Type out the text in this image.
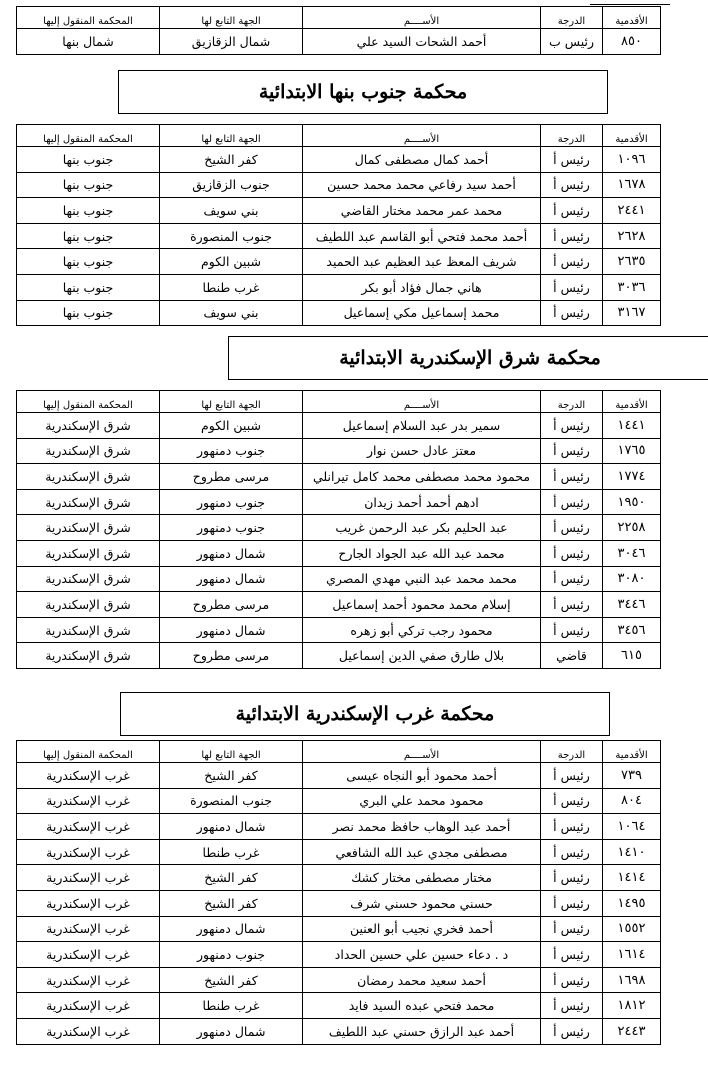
الأقدمية	الدرجة	الأســــم	الجهة التابع لها	المحكمة المنقول إليها
٨٥٠	رئيس ب	أحمد الشحات السيد علي	شمال الزقازيق	شمال بنها
محكمة جنوب بنها الابتدائية
الأقدمية	الدرجة	الأســــم	الجهة التابع لها	المحكمة المنقول إليها
١٠٩٦	رئيس أ	أحمد كمال مصطفى كمال	كفر الشيخ	جنوب بنها
١٦٧٨	رئيس أ	أحمد سيد رفاعي محمد محمد حسين	جنوب الزقازيق	جنوب بنها
٢٤٤١	رئيس أ	محمد عمر محمد مختار القاضي	بني سويف	جنوب بنها
٢٦٢٨	رئيس أ	أحمد محمد فتحي أبو القاسم عبد اللطيف	جنوب المنصورة	جنوب بنها
٢٦٣٥	رئيس أ	شريف المعظ عبد العظيم عبد الحميد	شبين الكوم	جنوب بنها
٣٠٣٦	رئيس أ	هاني جمال فؤاد أبو بكر	غرب طنطا	جنوب بنها
٣١٦٧	رئيس أ	محمد إسماعيل مكي إسماعيل	بني سويف	جنوب بنها
محكمة شرق الإسكندرية الابتدائية
الأقدمية	الدرجة	الأســــم	الجهة التابع لها	المحكمة المنقول إليها
١٤٤١	رئيس أ	سمير بدر عبد السلام إسماعيل	شبين الكوم	شرق الإسكندرية
١٧٦٥	رئيس أ	معتز عادل حسن نوار	جنوب دمنهور	شرق الإسكندرية
١٧٧٤	رئيس أ	محمود محمد مصطفى محمد كامل تيرانلي	مرسى مطروح	شرق الإسكندرية
١٩٥٠	رئيس أ	ادهم أحمد أحمد زيدان	جنوب دمنهور	شرق الإسكندرية
٢٢٥٨	رئيس أ	عبد الحليم بكر عبد الرحمن غريب	جنوب دمنهور	شرق الإسكندرية
٣٠٤٦	رئيس أ	محمد عبد الله عبد الجواد الجارح	شمال دمنهور	شرق الإسكندرية
٣٠٨٠	رئيس أ	محمد محمد عبد النبي مهدي المصري	شمال دمنهور	شرق الإسكندرية
٣٤٤٦	رئيس أ	إسلام محمد محمود أحمد إسماعيل	مرسى مطروح	شرق الإسكندرية
٣٤٥٦	رئيس أ	محمود رجب تركي أبو زهره	شمال دمنهور	شرق الإسكندرية
٦١٥	قاضي	بلال طارق صفي الدين إسماعيل	مرسى مطروح	شرق الإسكندرية
محكمة غرب الإسكندرية الابتدائية
الأقدمية	الدرجة	الأســــم	الجهة التابع لها	المحكمة المنقول إليها
٧٣٩	رئيس أ	أحمد محمود أبو النجاه عيسى	كفر الشيخ	غرب الإسكندرية
٨٠٤	رئيس أ	محمود محمد علي البري	جنوب المنصورة	غرب الإسكندرية
١٠٦٤	رئيس أ	أحمد عبد الوهاب حافظ محمد نصر	شمال دمنهور	غرب الإسكندرية
١٤١٠	رئيس أ	مصطفى مجدي عبد الله الشافعي	غرب طنطا	غرب الإسكندرية
١٤١٤	رئيس أ	مختار مصطفى مختار كشك	كفر الشيخ	غرب الإسكندرية
١٤٩٥	رئيس أ	حسني محمود حسني شرف	كفر الشيخ	غرب الإسكندرية
١٥٥٢	رئيس أ	أحمد فخري نجيب أبو العنين	شمال دمنهور	غرب الإسكندرية
١٦١٤	رئيس أ	د . دعاء حسين علي حسين الحداد	جنوب دمنهور	غرب الإسكندرية
١٦٩٨	رئيس أ	أحمد سعيد محمد رمضان	كفر الشيخ	غرب الإسكندرية
١٨١٢	رئيس أ	محمد فتحي عبده السيد فايد	غرب طنطا	غرب الإسكندرية
٢٤٤٣	رئيس أ	أحمد عبد الرازق حسني عبد اللطيف	شمال دمنهور	غرب الإسكندرية
